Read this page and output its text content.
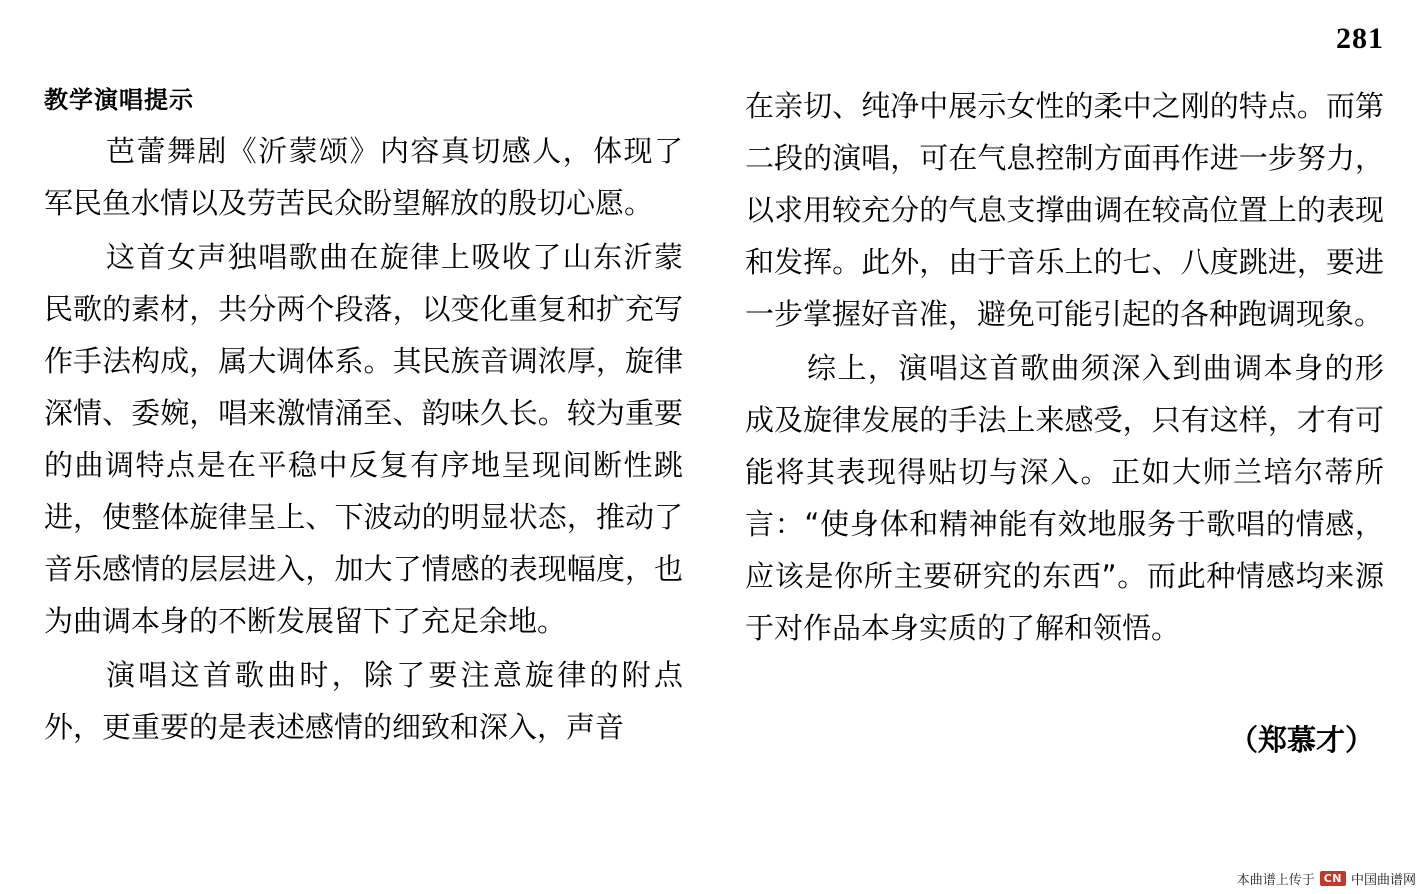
281
教学演唱提示

芭蕾舞剧《沂蒙颂》内容真切感人，体现了军民鱼水情以及劳苦民众盼望解放的殷切心愿。

这首女声独唱歌曲在旋律上吸收了山东沂蒙民歌的素材，共分两个段落，以变化重复和扩充写作手法构成，属大调体系。其民族音调浓厚，旋律深情、委婉，唱来激情涌至、韵味久长。较为重要的曲调特点是在平稳中反复有序地呈现间断性跳进，使整体旋律呈上、下波动的明显状态，推动了音乐感情的层层进入，加大了情感的表现幅度，也为曲调本身的不断发展留下了充足余地。

演唱这首歌曲时，除了要注意旋律的附点外，更重要的是表述感情的细致和深入，声音

在亲切、纯净中展示女性的柔中之刚的特点。而第二段的演唱，可在气息控制方面再作进一步努力，以求用较充分的气息支撑曲调在较高位置上的表现和发挥。此外，由于音乐上的七、八度跳进，要进一步掌握好音准，避免可能引起的各种跑调现象。

综上，演唱这首歌曲须深入到曲调本身的形成及旋律发展的手法上来感受，只有这样，才有可能将其表现得贴切与深入。正如大师兰培尔蒂所言：“使身体和精神能有效地服务于歌唱的情感，应该是你所主要研究的东西”。而此种情感均来源于对作品本身实质的了解和领悟。

（郑慕才）
本曲谱上传于 CN 中国曲谱网
